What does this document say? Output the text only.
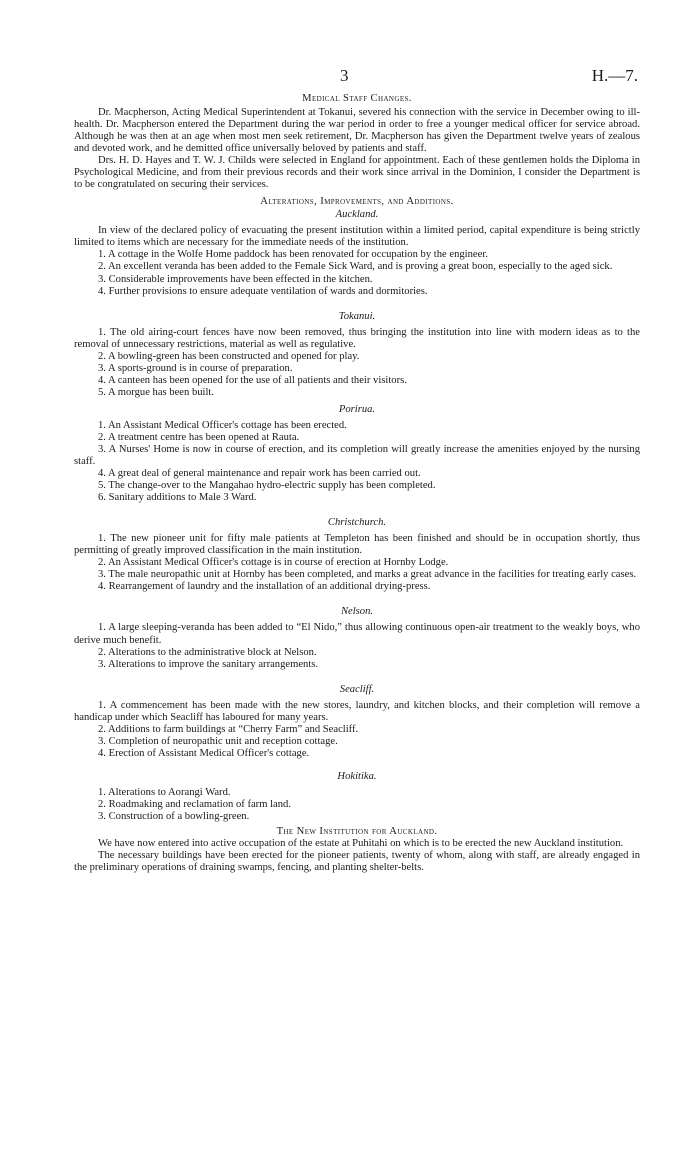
3	H.—7.
Medical Staff Changes.

Dr. Macpherson, Acting Medical Superintendent at Tokanui, severed his connection with the service in December owing to ill-health. Dr. Macpherson entered the Department during the war period in order to free a younger medical officer for service abroad. Although he was then at an age when most men seek retirement, Dr. Macpherson has given the Department twelve years of zealous and devoted work, and he demitted office universally beloved by patients and staff.

Drs. H. D. Hayes and T. W. J. Childs were selected in England for appointment. Each of these gentlemen holds the Diploma in Psychological Medicine, and from their previous records and their work since arrival in the Dominion, I consider the Department is to be congratulated on securing their services.

Alterations, Improvements, and Additions.
Auckland.

In view of the declared policy of evacuating the present institution within a limited period, capital expenditure is being strictly limited to items which are necessary for the immediate needs of the institution.

1. A cottage in the Wolfe Home paddock has been renovated for occupation by the engineer.

2. An excellent veranda has been added to the Female Sick Ward, and is proving a great boon, especially to the aged sick.

3. Considerable improvements have been effected in the kitchen.

4. Further provisions to ensure adequate ventilation of wards and dormitories.

Tokanui.

1. The old airing-court fences have now been removed, thus bringing the institution into line with modern ideas as to the removal of unnecessary restrictions, material as well as regulative.

2. A bowling-green has been constructed and opened for play.

3. A sports-ground is in course of preparation.

4. A canteen has been opened for the use of all patients and their visitors.

5. A morgue has been built.

Porirua.

1. An Assistant Medical Officer's cottage has been erected.

2. A treatment centre has been opened at Rauta.

3. A Nurses' Home is now in course of erection, and its completion will greatly increase the amenities enjoyed by the nursing staff.

4. A great deal of general maintenance and repair work has been carried out.

5. The change-over to the Mangahao hydro-electric supply has been completed.

6. Sanitary additions to Male 3 Ward.

Christchurch.

1. The new pioneer unit for fifty male patients at Templeton has been finished and should be in occupation shortly, thus permitting of greatly improved classification in the main institution.

2. An Assistant Medical Officer's cottage is in course of erection at Hornby Lodge.

3. The male neuropathic unit at Hornby has been completed, and marks a great advance in the facilities for treating early cases.

4. Rearrangement of laundry and the installation of an additional drying-press.

Nelson.

1. A large sleeping-veranda has been added to “El Nido,” thus allowing continuous open-air treatment to the weakly boys, who derive much benefit.

2. Alterations to the administrative block at Nelson.

3. Alterations to improve the sanitary arrangements.

Seacliff.

1. A commencement has been made with the new stores, laundry, and kitchen blocks, and their completion will remove a handicap under which Seacliff has laboured for many years.

2. Additions to farm buildings at “Cherry Farm” and Seacliff.

3. Completion of neuropathic unit and reception cottage.

4. Erection of Assistant Medical Officer's cottage.

Hokitika.

1. Alterations to Aorangi Ward.

2. Roadmaking and reclamation of farm land.

3. Construction of a bowling-green.

The New Institution for Auckland.

We have now entered into active occupation of the estate at Puhitahi on which is to be erected the new Auckland institution.

The necessary buildings have been erected for the pioneer patients, twenty of whom, along with staff, are already engaged in the preliminary operations of draining swamps, fencing, and planting shelter-belts.
